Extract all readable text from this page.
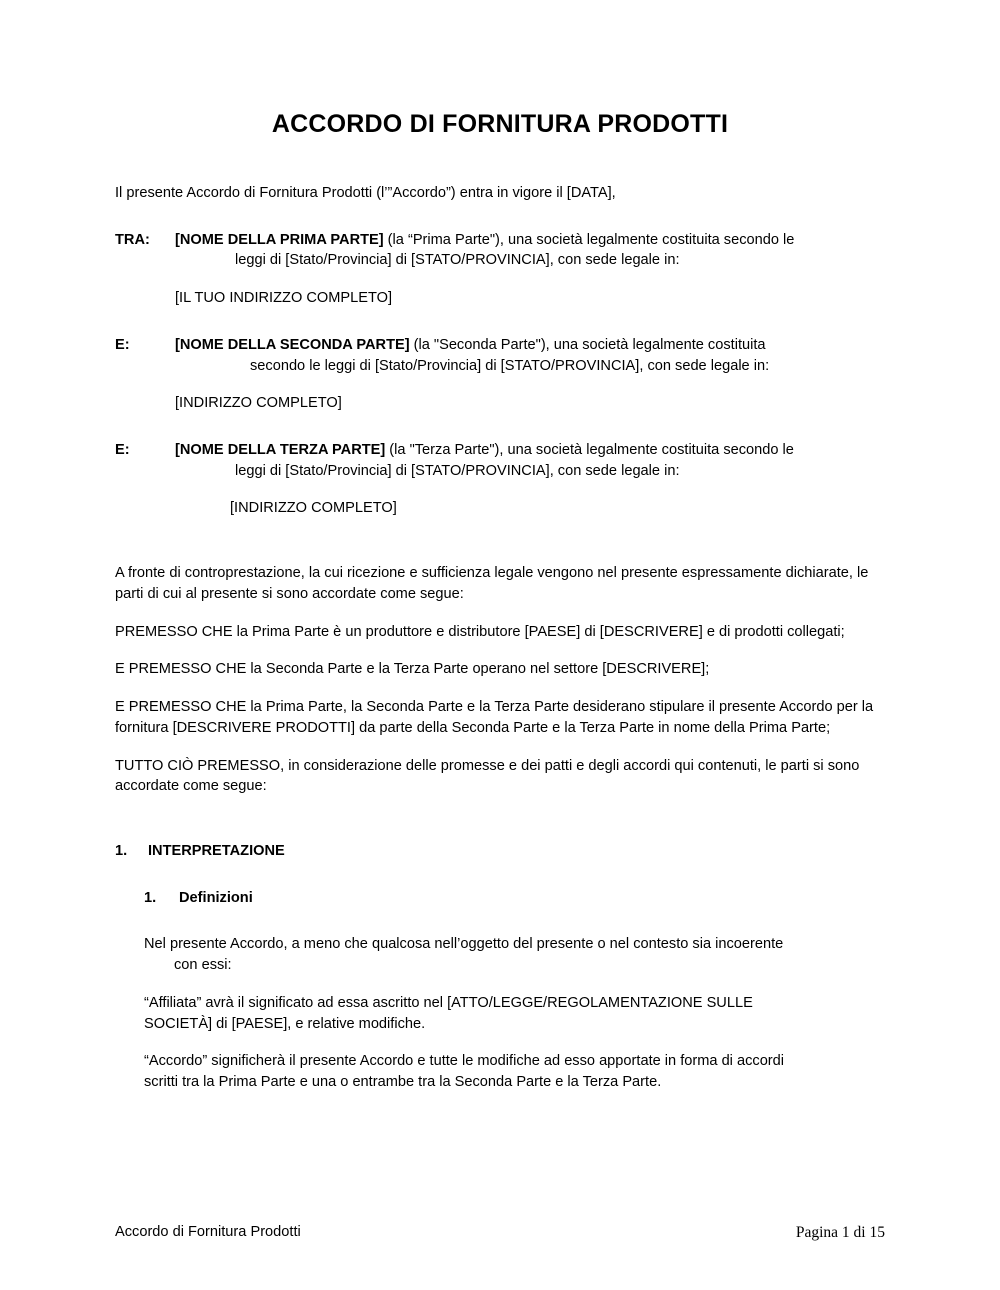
ACCORDO DI FORNITURA PRODOTTI

Il presente Accordo di Fornitura Prodotti (l’”Accordo”) entra in vigore il [DATA],

TRA:	[NOME DELLA PRIMA PARTE] (la “Prima Parte"), una società legalmente costituita secondo le
leggi di [Stato/Provincia] di [STATO/PROVINCIA], con sede legale in:

[IL TUO INDIRIZZO COMPLETO]

E:	[NOME DELLA SECONDA PARTE] (la "Seconda Parte"), una società legalmente costituita
secondo le leggi di [Stato/Provincia] di [STATO/PROVINCIA], con sede legale in:

[INDIRIZZO COMPLETO]

E:	[NOME DELLA TERZA PARTE] (la "Terza Parte"), una società legalmente costituita secondo le
leggi di [Stato/Provincia] di [STATO/PROVINCIA], con sede legale in:

[INDIRIZZO COMPLETO]

A fronte di controprestazione, la cui ricezione e sufficienza legale vengono nel presente espressamente dichiarate, le parti di cui al presente si sono accordate come segue:

PREMESSO CHE la Prima Parte è un produttore e distributore [PAESE] di [DESCRIVERE] e di prodotti collegati;

E PREMESSO CHE la Seconda Parte e la Terza Parte operano nel settore [DESCRIVERE];

E PREMESSO CHE la Prima Parte, la Seconda Parte e la Terza Parte desiderano stipulare il presente Accordo per la fornitura [DESCRIVERE PRODOTTI] da parte della Seconda Parte e la Terza Parte in nome della Prima Parte;

TUTTO CIÒ PREMESSO, in considerazione delle promesse e dei patti e degli accordi qui contenuti, le parti si sono accordate come segue:

1.	INTERPRETAZIONE
1.	Definizioni

Nel presente Accordo, a meno che qualcosa nell’oggetto del presente o nel contesto sia incoerente
con essi:

“Affiliata” avrà il significato ad essa ascritto nel [ATTO/LEGGE/REGOLAMENTAZIONE SULLE
SOCIETÀ] di [PAESE], e relative modifiche.

“Accordo” significherà il presente Accordo e tutte le modifiche ad esso apportate in forma di accordi
scritti tra la Prima Parte e una o entrambe tra la Seconda Parte e la Terza Parte.

Accordo di Fornitura Prodotti	Pagina 1 di 15
